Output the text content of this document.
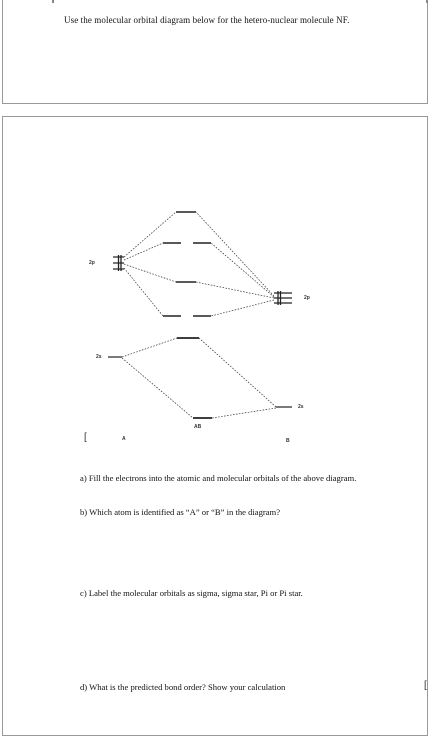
Use the molecular orbital diagram below for the hetero-nuclear molecule NF.
2p
2s
2p
2s
AB
A	B
[
[
a) Fill the electrons into the atomic and molecular orbitals of the above diagram.
b) Which atom is identified as “A” or “B” in the diagram?
c) Label the molecular orbitals as sigma, sigma star, Pi or Pi star.
d) What is the predicted bond order? Show your calculation
